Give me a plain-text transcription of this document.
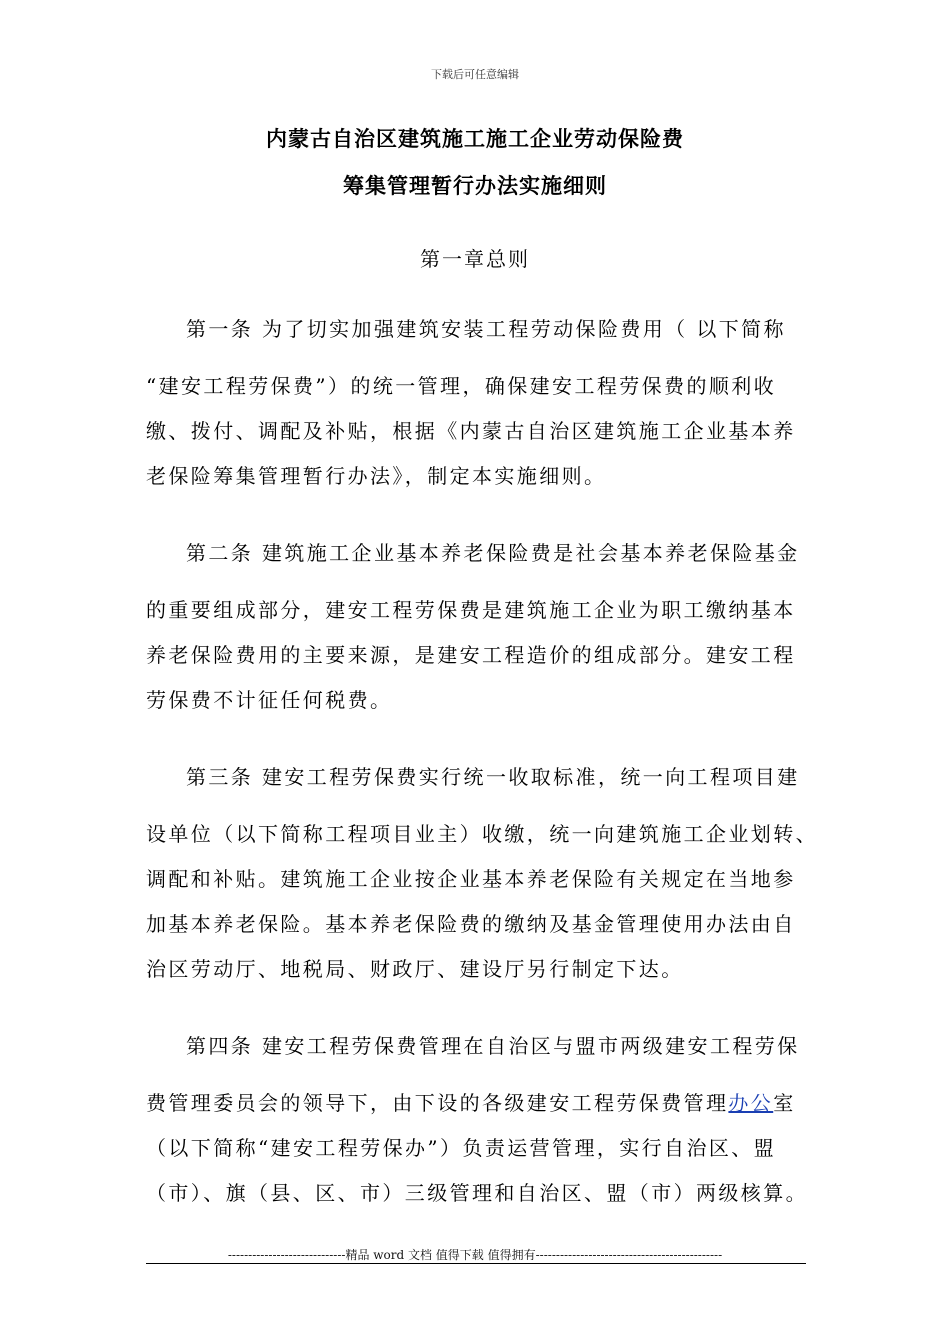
下载后可任意编辑
内蒙古自治区建筑施工施工企业劳动保险费
筹集管理暂行办法实施细则
第一章总则
第一条 为了切实加强建筑安装工程劳动保险费用（ 以下简称
“建安工程劳保费”）的统一管理，确保建安工程劳保费的顺利收
缴、拨付、调配及补贴，根据《内蒙古自治区建筑施工企业基本养
老保险筹集管理暂行办法》，制定本实施细则。
第二条 建筑施工企业基本养老保险费是社会基本养老保险基金
的重要组成部分，建安工程劳保费是建筑施工企业为职工缴纳基本
养老保险费用的主要来源，是建安工程造价的组成部分。建安工程
劳保费不计征任何税费。
第三条 建安工程劳保费实行统一收取标准，统一向工程项目建
设单位（以下简称工程项目业主）收缴，统一向建筑施工企业划转、
调配和补贴。建筑施工企业按企业基本养老保险有关规定在当地参
加基本养老保险。基本养老保险费的缴纳及基金管理使用办法由自
治区劳动厅、地税局、财政厅、建设厅另行制定下达。
第四条 建安工程劳保费管理在自治区与盟市两级建安工程劳保
费管理委员会的领导下，由下设的各级建安工程劳保费管理办公室
（以下简称“建安工程劳保办”）负责运营管理，实行自治区、盟
（市）、旗（县、区、市）三级管理和自治区、盟（市）两级核算。
-----------------------------精品 word 文档 值得下载 值得拥有----------------------------------------------
